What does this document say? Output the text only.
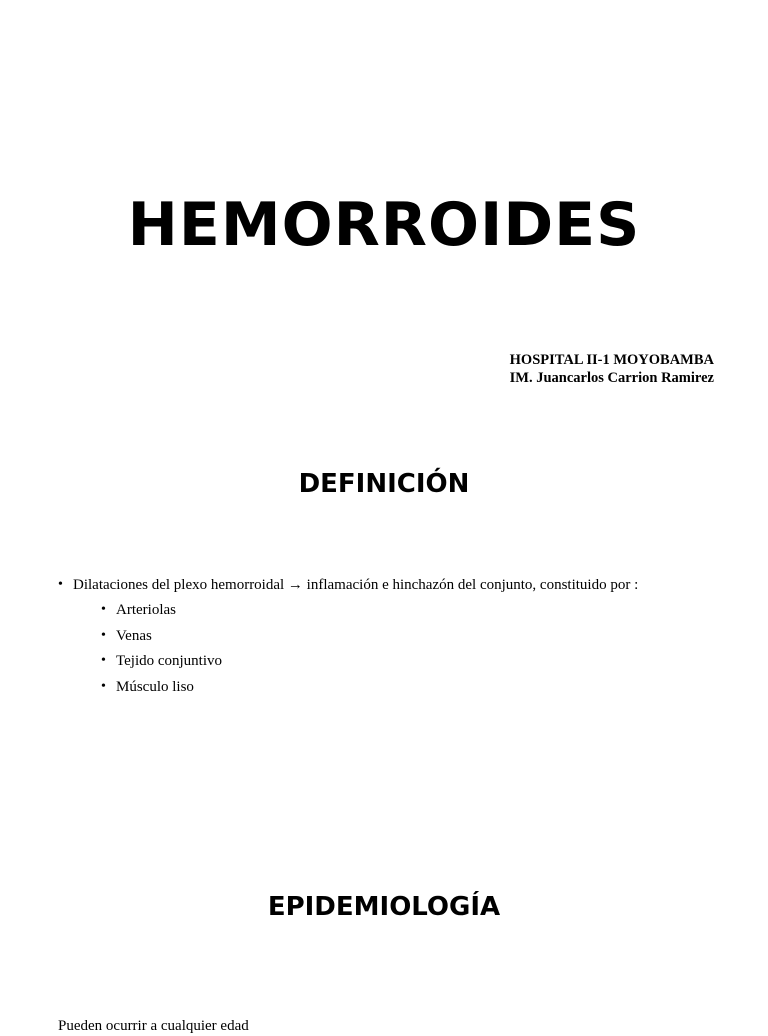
HEMORROIDES
HOSPITAL II-1 MOYOBAMBA
IM. Juancarlos Carrion Ramirez
DEFINICIÓN
• Dilataciones del plexo hemorroidal → inflamación e hinchazón del conjunto, constituido por :
• Arteriolas
• Venas
• Tejido conjuntivo
• Músculo liso
EPIDEMIOLOGÍA
Pueden ocurrir a cualquier edad
